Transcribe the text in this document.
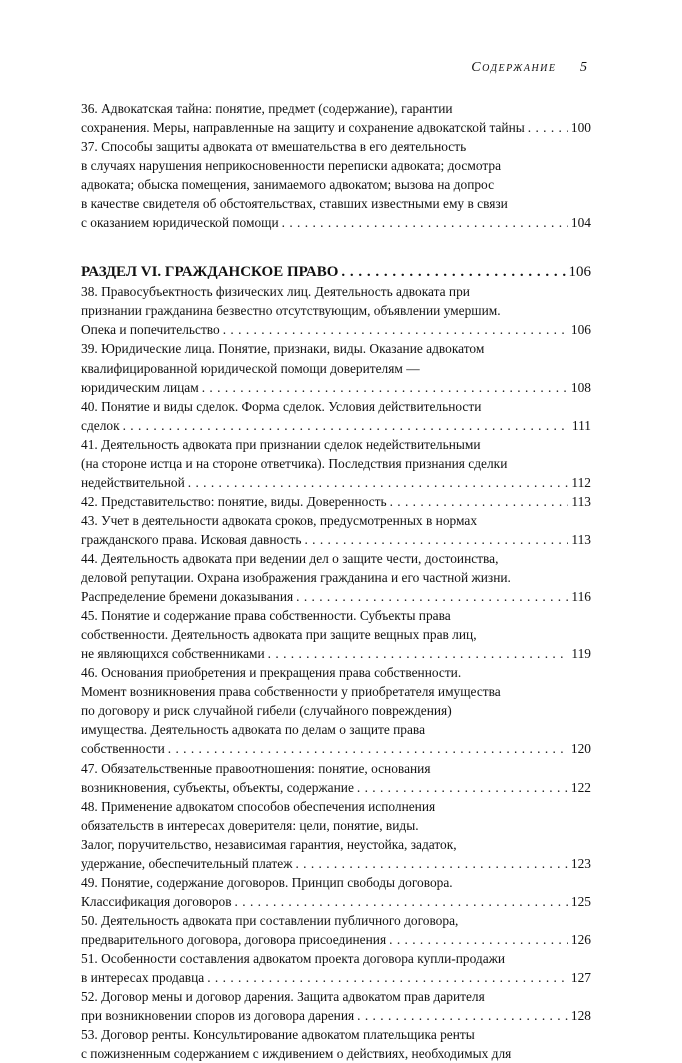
Содержание 5
36. Адвокатская тайна: понятие, предмет (содержание), гарантии
сохранения. Меры, направленные на защиту и сохранение адвокатской тайны . . .	100
37. Способы защиты адвоката от вмешательства в его деятельность
в случаях нарушения неприкосновенности переписки адвоката; досмотра
адвоката; обыска помещения, занимаемого адвокатом; вызова на допрос
в качестве свидетеля об обстоятельствах, ставших известными ему в связи
с оказанием юридической помощи . . .	104
РАЗДЕЛ VI. ГРАЖДАНСКОЕ ПРАВО . . .	106
38. Правосубъектность физических лиц. Деятельность адвоката при
признании гражданина безвестно отсутствующим, объявлении умершим.
Опека и попечительство . . .	106
39. Юридические лица. Понятие, признаки, виды. Оказание адвокатом
квалифицированной юридической помощи доверителям —
юридическим лицам . . .	108
40. Понятие и виды сделок. Форма сделок. Условия действительности
сделок . . .	111
41. Деятельность адвоката при признании сделок недействительными
(на стороне истца и на стороне ответчика). Последствия признания сделки
недействительной . . .	112
42. Представительство: понятие, виды. Доверенность . . .	113
43. Учет в деятельности адвоката сроков, предусмотренных в нормах
гражданского права. Исковая давность . . .	113
44. Деятельность адвоката при ведении дел о защите чести, достоинства,
деловой репутации. Охрана изображения гражданина и его частной жизни.
Распределение бремени доказывания . . .	116
45. Понятие и содержание права собственности. Субъекты права
собственности. Деятельность адвоката при защите вещных прав лиц,
не являющихся собственниками . . .	119
46. Основания приобретения и прекращения права собственности.
Момент возникновения права собственности у приобретателя имущества
по договору и риск случайной гибели (случайного повреждения)
имущества. Деятельность адвоката по делам о защите права
собственности . . .	120
47. Обязательственные правоотношения: понятие, основания
возникновения, субъекты, объекты, содержание . . .	122
48. Применение адвокатом способов обеспечения исполнения
обязательств в интересах доверителя: цели, понятие, виды.
Залог, поручительство, независимая гарантия, неустойка, задаток,
удержание, обеспечительный платеж . . .	123
49. Понятие, содержание договоров. Принцип свободы договора.
Классификация договоров . . .	125
50. Деятельность адвоката при составлении публичного договора,
предварительного договора, договора присоединения . . .	126
51. Особенности составления адвокатом проекта договора купли-продажи
в интересах продавца . . .	127
52. Договор мены и договор дарения. Защита адвокатом прав дарителя
при возникновении споров из договора дарения . . .	128
53. Договор ренты. Консультирование адвокатом плательщика ренты
с пожизненным содержанием с иждивением о действиях, необходимых для
